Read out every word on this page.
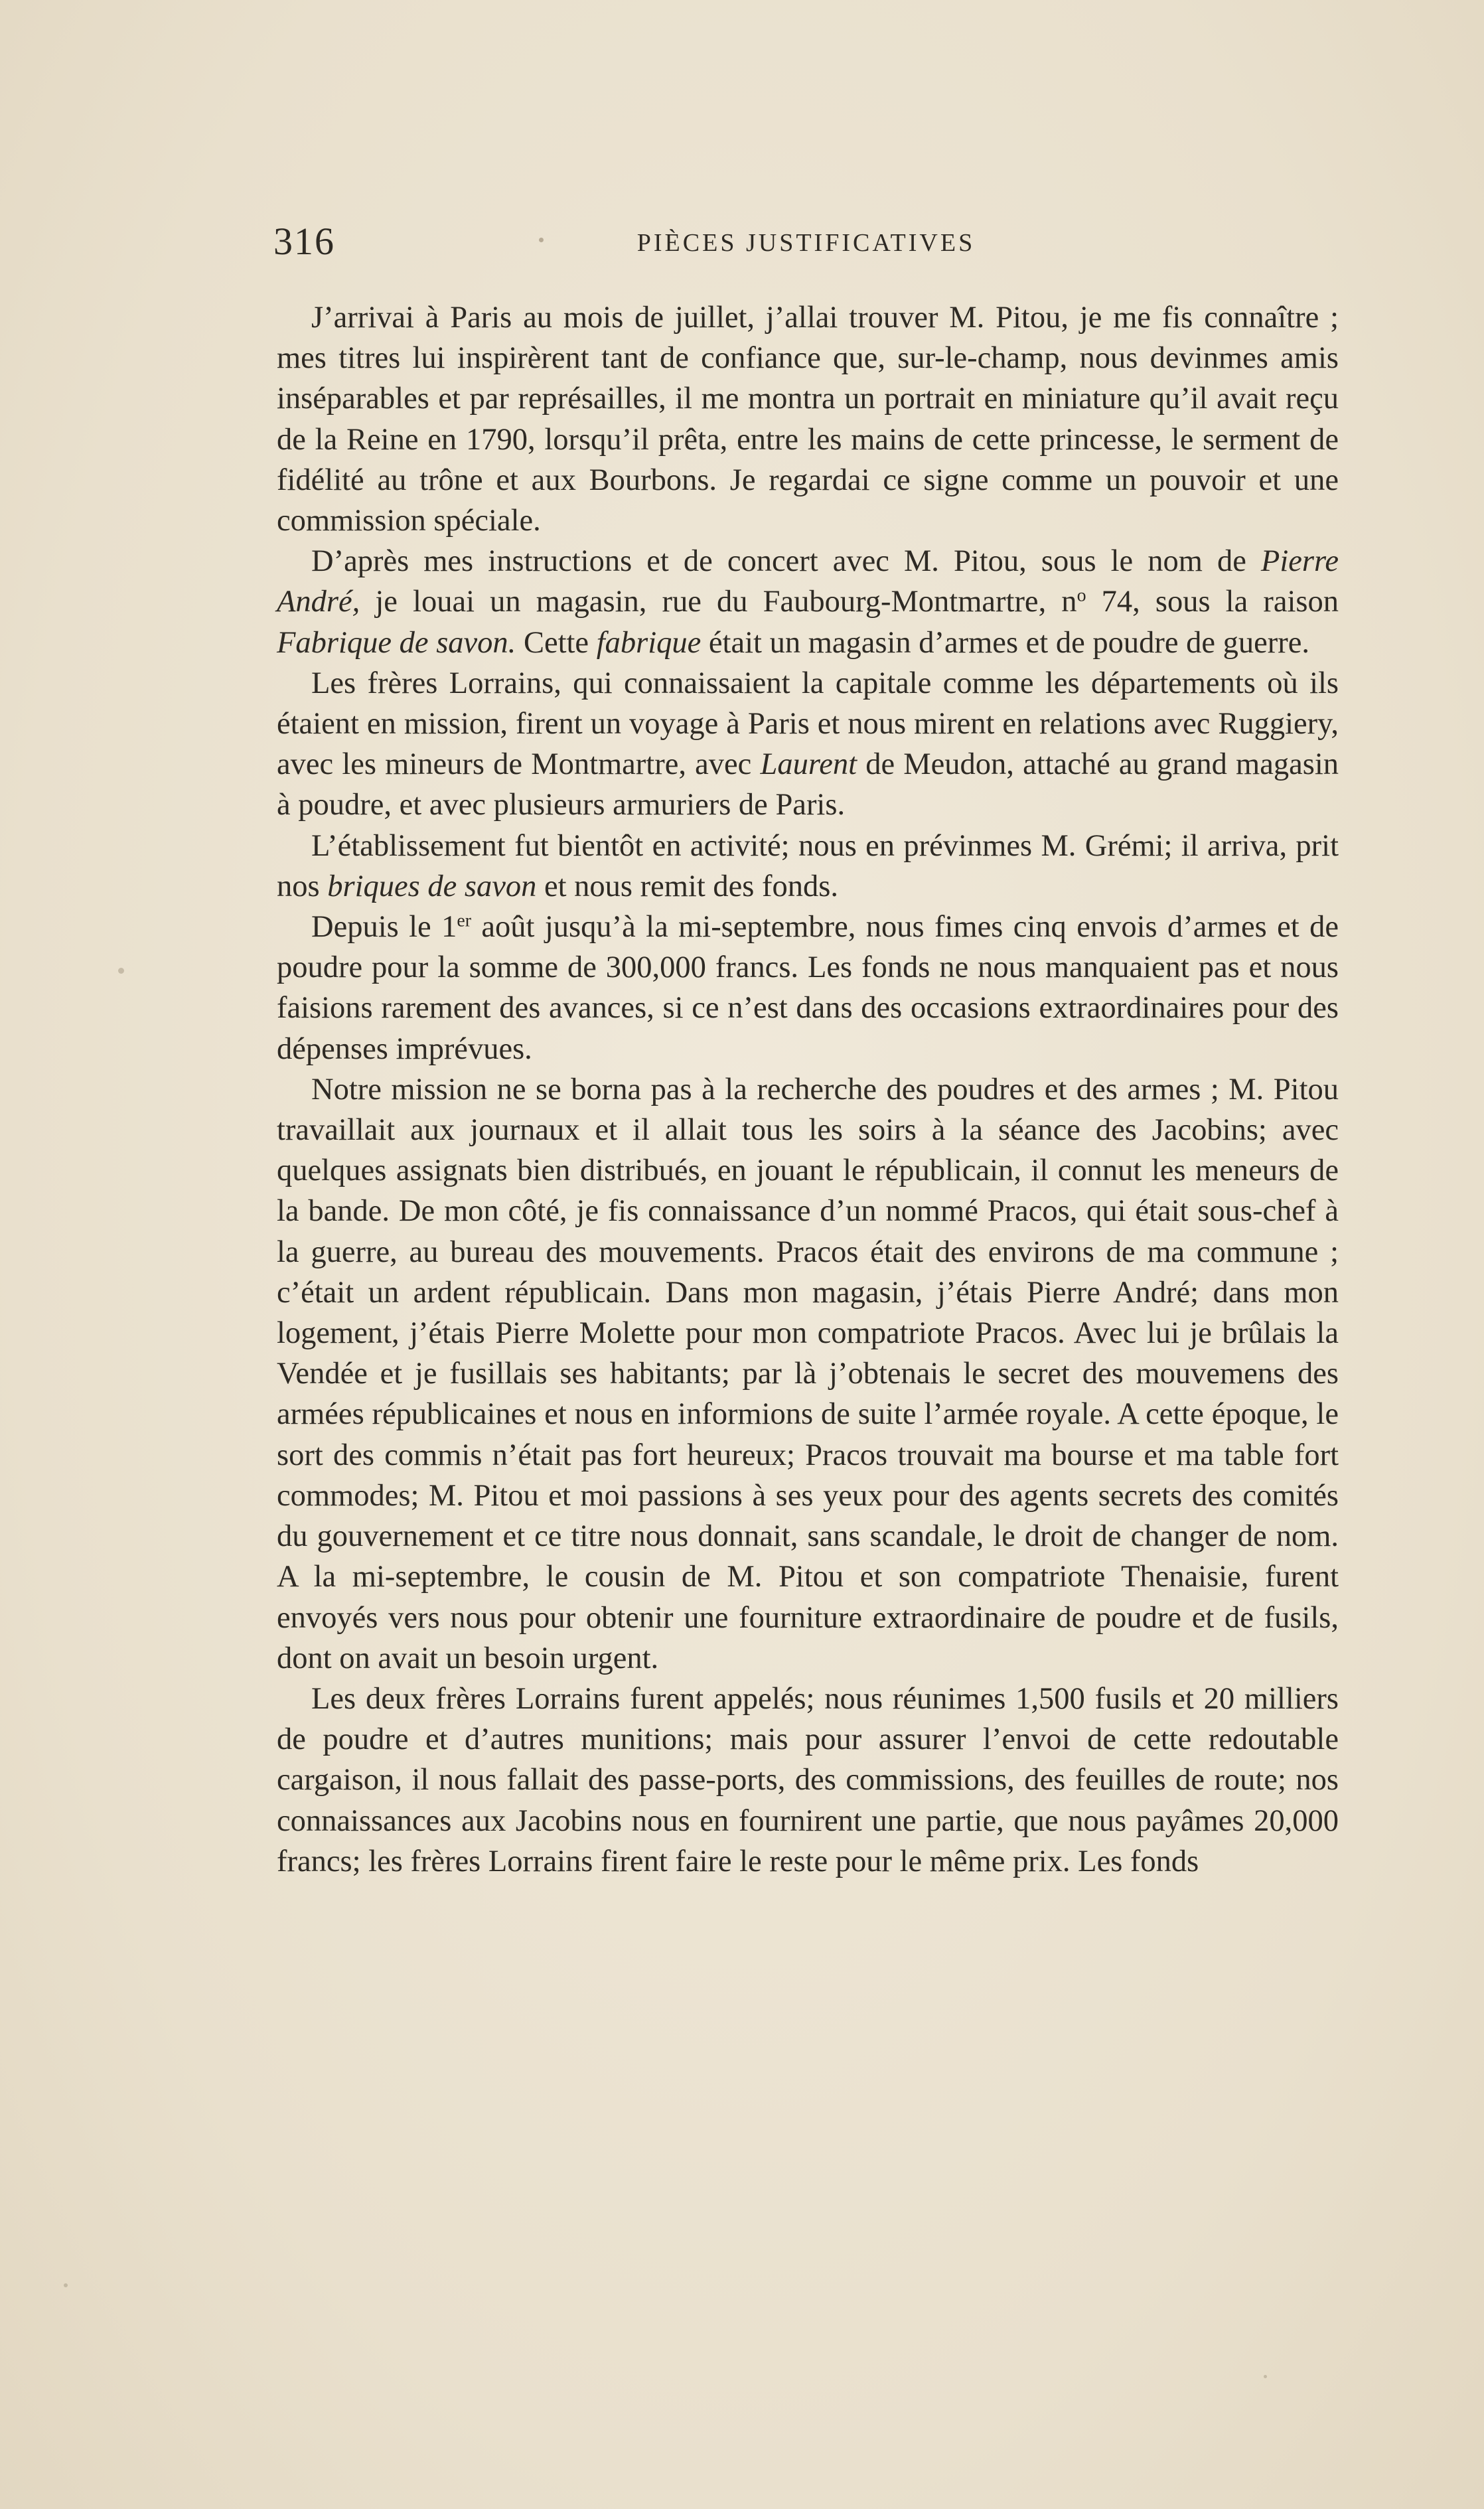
316	PIÈCES JUSTIFICATIVES

J’arrivai à Paris au mois de juillet, j’allai trouver M. Pitou, je me fis connaître ; mes titres lui inspirèrent tant de confiance que, sur-le-champ, nous devinmes amis inséparables et par représailles, il me montra un portrait en miniature qu’il avait reçu de la Reine en 1790, lorsqu’il prêta, entre les mains de cette princesse, le serment de fidélité au trône et aux Bourbons. Je regardai ce signe comme un pouvoir et une commission spéciale.

D’après mes instructions et de concert avec M. Pitou, sous le nom de Pierre André, je louai un magasin, rue du Faubourg-Montmartre, $n^o$ 74, sous la raison Fabrique de savon. Cette fabrique était un magasin d’armes et de poudre de guerre.

Les frères Lorrains, qui connaissaient la capitale comme les départements où ils étaient en mission, firent un voyage à Paris et nous mirent en relations avec Ruggiery, avec les mineurs de Montmartre, avec Laurent de Meudon, attaché au grand magasin à poudre, et avec plusieurs armuriers de Paris.

L’établissement fut bientôt en activité; nous en prévinmes M. Grémi; il arriva, prit nos briques de savon et nous remit des fonds.

Depuis le 1er août jusqu’à la mi-septembre, nous fimes cinq envois d’armes et de poudre pour la somme de 300,000 francs. Les fonds ne nous manquaient pas et nous faisions rarement des avances, si ce n’est dans des occasions extraordinaires pour des dépenses imprévues.

Notre mission ne se borna pas à la recherche des poudres et des armes ; M. Pitou travaillait aux journaux et il allait tous les soirs à la séance des Jacobins; avec quelques assignats bien distribués, en jouant le républicain, il connut les meneurs de la bande. De mon côté, je fis connaissance d’un nommé Pracos, qui était sous-chef à la guerre, au bureau des mouvements. Pracos était des environs de ma commune ; c’était un ardent républicain. Dans mon magasin, j’étais Pierre André; dans mon logement, j’étais Pierre Molette pour mon compatriote Pracos. Avec lui je brûlais la Vendée et je fusillais ses habitants; par là j’obtenais le secret des mouvemens des armées républicaines et nous en informions de suite l’armée royale. A cette époque, le sort des commis n’était pas fort heureux; Pracos trouvait ma bourse et ma table fort commodes; M. Pitou et moi passions à ses yeux pour des agents secrets des comités du gouvernement et ce titre nous donnait, sans scandale, le droit de changer de nom. A la mi-septembre, le cousin de M. Pitou et son compatriote Thenaisie, furent envoyés vers nous pour obtenir une fourniture extraordinaire de poudre et de fusils, dont on avait un besoin urgent.

Les deux frères Lorrains furent appelés; nous réunimes 1,500 fusils et 20 milliers de poudre et d’autres munitions; mais pour assurer l’envoi de cette redoutable cargaison, il nous fallait des passe-ports, des commissions, des feuilles de route; nos connaissances aux Jacobins nous en fournirent une partie, que nous payâmes 20,000 francs; les frères Lorrains firent faire le reste pour le même prix. Les fonds
